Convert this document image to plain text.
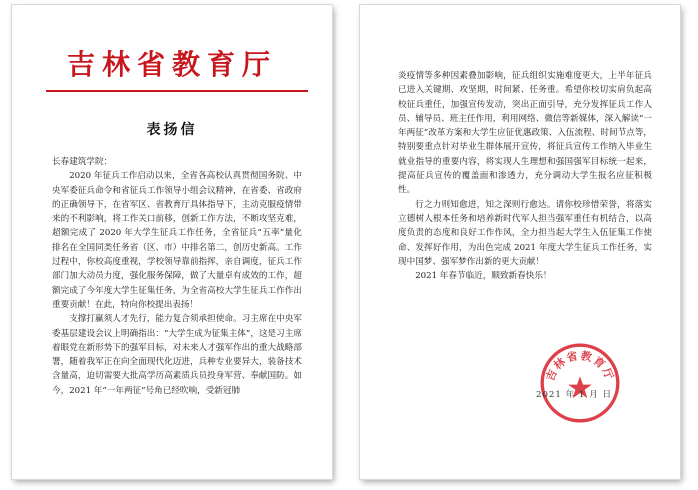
吉林省教育厅
表扬信

长春建筑学院：

2020 年征兵工作启动以来，全省各高校认真贯彻国务院、中央军委征兵命令和省征兵工作领导小组会议精神，在省委、省政府的正确领导下，在省军区、省教育厅具体指导下，主动克服疫情带来的不利影响，将工作关口前移，创新工作方法，不断攻坚克难，超额完成了 2020 年大学生征兵工作任务，全省征兵“五率”量化排名在全国同类任务省（区、市）中排名第二，创历史新高。工作过程中，你校高度重视，学校领导靠前指挥，亲自调度，征兵工作部门加大动员力度，强化服务保障，做了大量卓有成效的工作，超额完成了今年度大学生征集任务，为全省高校大学生征兵工作作出重要贡献！在此，特向你校提出表扬！

支撑打赢须人才先行，能力复合须承担使命。习主席在中央军委基层建设会议上明确指出：“大学生成为征集主体”，这是习主席着眼党在新形势下的强军目标，对未来人才强军作出的重大战略部署，随着我军正在向全面现代化迈进，兵种专业要异大，装备技术含量高，迫切需要大批高学历高素质兵员投身军营、奉献国防。如今，2021 年“一年两征”号角已经吹响，受新冠肺

炎疫情等多种因素叠加影响，征兵组织实施难度更大，上半年征兵已进入关键期、攻坚期，时间紧、任务重。希望你校切实肩负起高校征兵重任，加强宣传发动，突出正面引导，充分发挥征兵工作人员、辅导员、班主任作用，利用网络、微信等新媒体，深入解读“一年两征”改革方案和大学生应征优惠政策、入伍流程、时间节点等，特别要重点针对毕业生群体展开宣传，将征兵宣传工作纳入毕业生就业指导的重要内容，将实现人生理想和强国强军目标统一起来，提高征兵宣传的覆盖面和渗透力，充分调动大学生报名应征积极性。

行之力则知愈进，知之深则行愈达。请你校珍惜荣誉，将落实立德树人根本任务和培养新时代军人担当强军重任有机结合，以高度负责的态度和良好工作作风，全力担当起大学生入伍征集工作使命、发挥好作用，为出色完成 2021 年度大学生征兵工作任务，实现中国梦、强军梦作出新的更大贡献！

2021 年春节临近，顺致新春快乐！

吉林省教育厅
2021 年 1 月 日
